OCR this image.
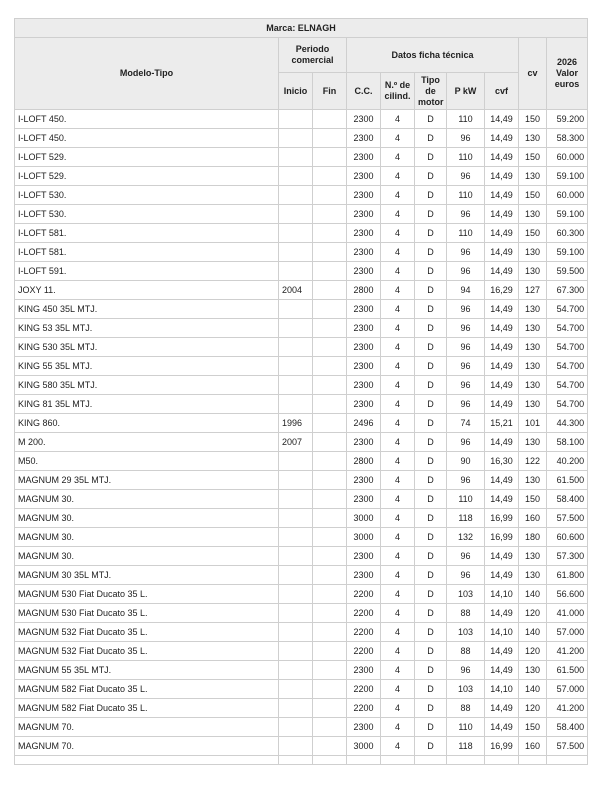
Marca: ELNAGH									
Modelo-Tipo	Periodo comercial		Datos ficha técnica					cv	2026 Valor euros
	Inicio	Fin	C.C.	N.º de cilind.	Tipo de motor	P kW	cvf		
I-LOFT 450.			2300	4	D	110	14,49	150	59.200
I-LOFT 450.			2300	4	D	96	14,49	130	58.300
I-LOFT 529.			2300	4	D	110	14,49	150	60.000
I-LOFT 529.			2300	4	D	96	14,49	130	59.100
I-LOFT 530.			2300	4	D	110	14,49	150	60.000
I-LOFT 530.			2300	4	D	96	14,49	130	59.100
I-LOFT 581.			2300	4	D	110	14,49	150	60.300
I-LOFT 581.			2300	4	D	96	14,49	130	59.100
I-LOFT 591.			2300	4	D	96	14,49	130	59.500
JOXY 11.	2004		2800	4	D	94	16,29	127	67.300
KING 450 35L MTJ.			2300	4	D	96	14,49	130	54.700
KING 53 35L MTJ.			2300	4	D	96	14,49	130	54.700
KING 530 35L MTJ.			2300	4	D	96	14,49	130	54.700
KING 55 35L MTJ.			2300	4	D	96	14,49	130	54.700
KING 580 35L MTJ.			2300	4	D	96	14,49	130	54.700
KING 81 35L MTJ.			2300	4	D	96	14,49	130	54.700
KING 860.	1996		2496	4	D	74	15,21	101	44.300
M 200.	2007		2300	4	D	96	14,49	130	58.100
M50.			2800	4	D	90	16,30	122	40.200
MAGNUM 29 35L MTJ.			2300	4	D	96	14,49	130	61.500
MAGNUM 30.			2300	4	D	110	14,49	150	58.400
MAGNUM 30.			3000	4	D	118	16,99	160	57.500
MAGNUM 30.			3000	4	D	132	16,99	180	60.600
MAGNUM 30.			2300	4	D	96	14,49	130	57.300
MAGNUM 30 35L MTJ.			2300	4	D	96	14,49	130	61.800
MAGNUM 530 Fiat Ducato 35 L.			2200	4	D	103	14,10	140	56.600
MAGNUM 530 Fiat Ducato 35 L.			2200	4	D	88	14,49	120	41.000
MAGNUM 532 Fiat Ducato 35 L.			2200	4	D	103	14,10	140	57.000
MAGNUM 532 Fiat Ducato 35 L.			2200	4	D	88	14,49	120	41.200
MAGNUM 55 35L MTJ.			2300	4	D	96	14,49	130	61.500
MAGNUM 582 Fiat Ducato 35 L.			2200	4	D	103	14,10	140	57.000
MAGNUM 582 Fiat Ducato 35 L.			2200	4	D	88	14,49	120	41.200
MAGNUM 70.			2300	4	D	110	14,49	150	58.400
MAGNUM 70.			3000	4	D	118	16,99	160	57.500
